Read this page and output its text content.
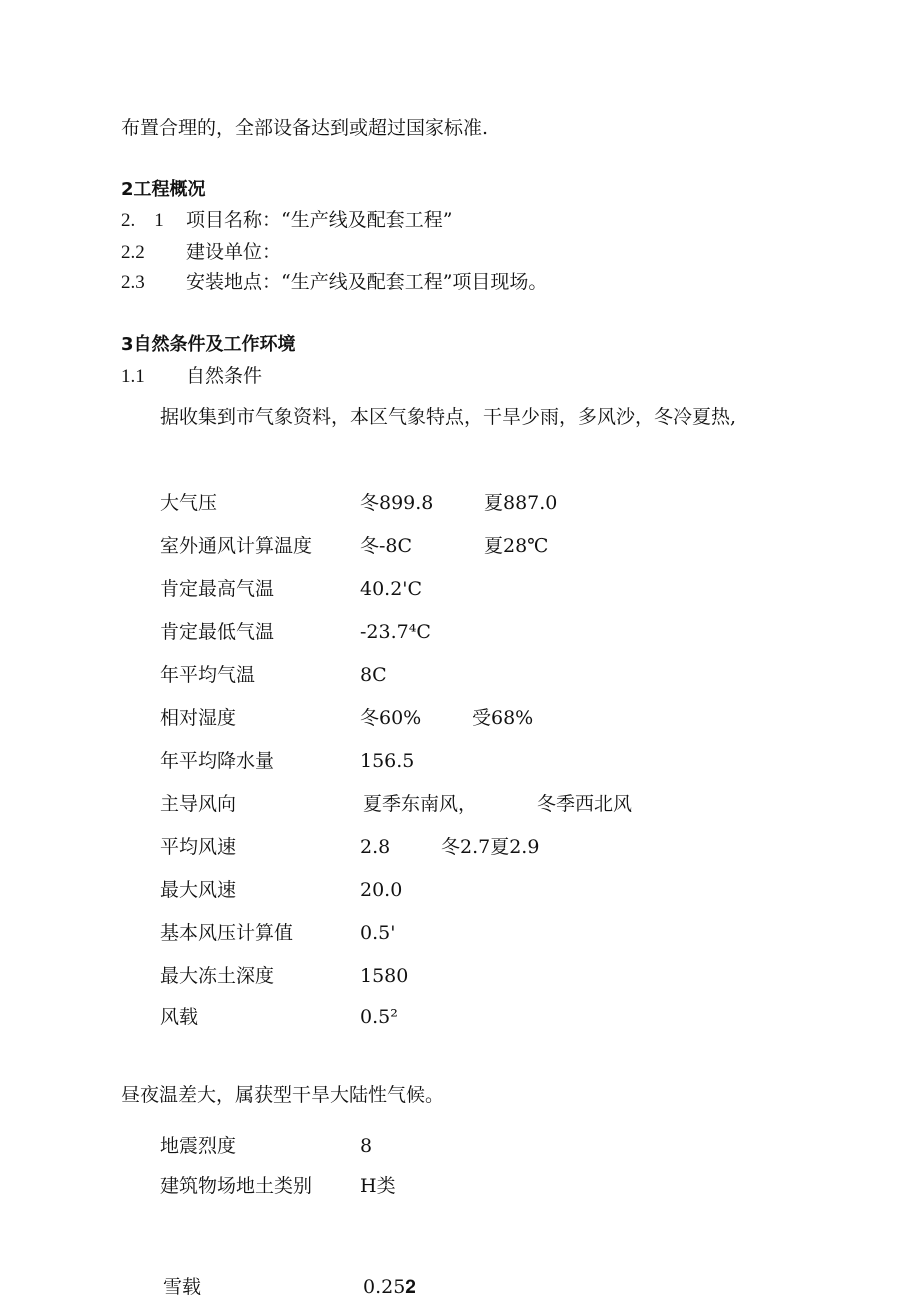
布置合理的，全部设备达到或超过国家标准.
2工程概况
2.　1 项目名称：“生产线及配套工程”
2.2 建设单位：
2.3 安装地点：“生产线及配套工程”项目现场。
3自然条件及工作环境
1.1 自然条件
据收集到市气象资料，本区气象特点，干旱少雨，多风沙，冬冷夏热,
大气压	冬899.8	夏887.0
室外通风计算温度	冬-8C	夏28℃
肯定最高气温	40.2'C
肯定最低气温	-23.7⁴C
年平均气温	8C
相对湿度	冬60%	受68%
年平均降水量	156.5
主导风向	夏季东南风，	冬季西北风
平均风速	2.8	冬2.7夏2.9
最大风速	20.0
基本风压计算值	0.5'
最大冻土深度	1580
风载	0.5²
昼夜温差大，属获型干旱大陆性气候。
地震烈度	8
建筑物场地土类别	H类
雪载	0.25𝟐
